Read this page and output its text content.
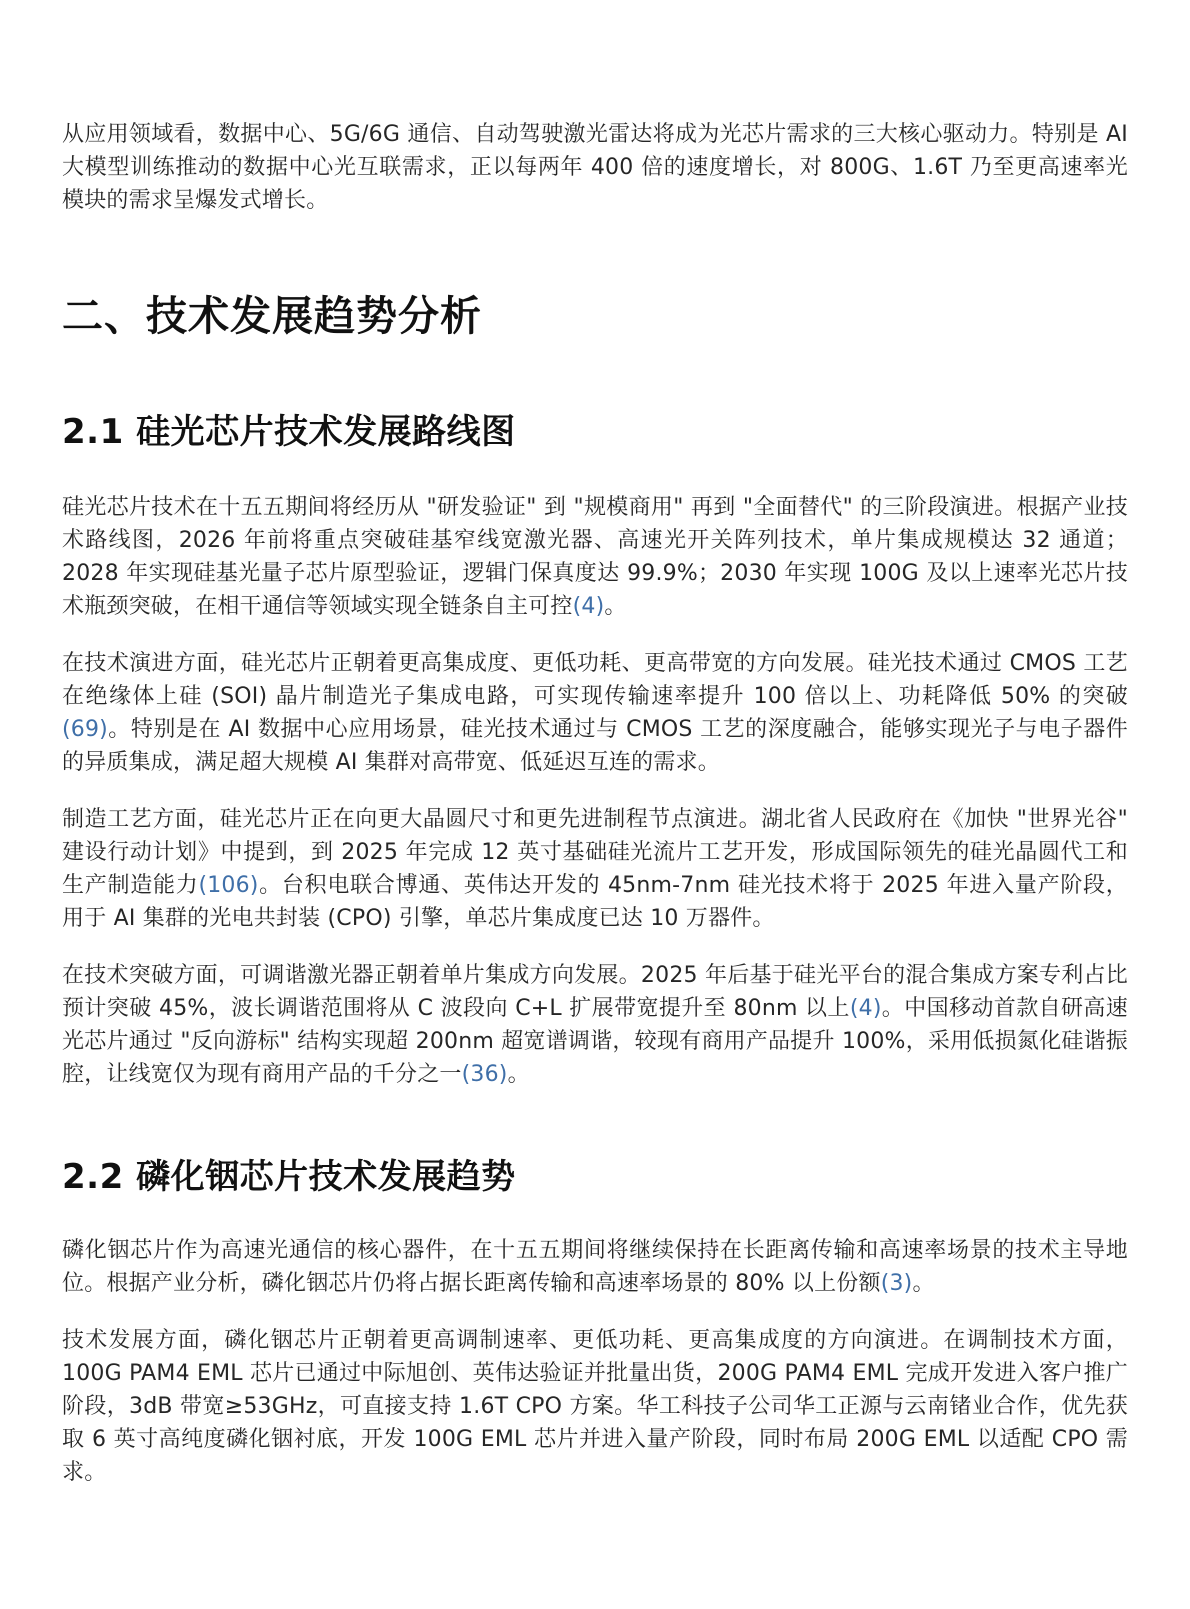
从应用领域看，数据中心、5G/6G 通信、自动驾驶激光雷达将成为光芯片需求的三大核心驱动力。特别是 AI 大模型训练推动的数据中心光互联需求，正以每两年 400 倍的速度增长，对 800G、1.6T 乃至更高速率光模块的需求呈爆发式增长。

二、技术发展趋势分析
2.1 硅光芯片技术发展路线图

硅光芯片技术在十五五期间将经历从 "研发验证" 到 "规模商用" 再到 "全面替代" 的三阶段演进。根据产业技术路线图，2026 年前将重点突破硅基窄线宽激光器、高速光开关阵列技术，单片集成规模达 32 通道；2028 年实现硅基光量子芯片原型验证，逻辑门保真度达 99.9%；2030 年实现 100G 及以上速率光芯片技术瓶颈突破，在相干通信等领域实现全链条自主可控(4)。

在技术演进方面，硅光芯片正朝着更高集成度、更低功耗、更高带宽的方向发展。硅光技术通过 CMOS 工艺在绝缘体上硅 (SOI) 晶片制造光子集成电路，可实现传输速率提升 100 倍以上、功耗降低 50% 的突破(69)。特别是在 AI 数据中心应用场景，硅光技术通过与 CMOS 工艺的深度融合，能够实现光子与电子器件的异质集成，满足超大规模 AI 集群对高带宽、低延迟互连的需求。

制造工艺方面，硅光芯片正在向更大晶圆尺寸和更先进制程节点演进。湖北省人民政府在《加快 "世界光谷" 建设行动计划》中提到，到 2025 年完成 12 英寸基础硅光流片工艺开发，形成国际领先的硅光晶圆代工和生产制造能力(106)。台积电联合博通、英伟达开发的 45nm-7nm 硅光技术将于 2025 年进入量产阶段，用于 AI 集群的光电共封装 (CPO) 引擎，单芯片集成度已达 10 万器件。

在技术突破方面，可调谐激光器正朝着单片集成方向发展。2025 年后基于硅光平台的混合集成方案专利占比预计突破 45%，波长调谐范围将从 C 波段向 C+L 扩展带宽提升至 80nm 以上(4)。中国移动首款自研高速光芯片通过 "反向游标" 结构实现超 200nm 超宽谱调谐，较现有商用产品提升 100%，采用低损氮化硅谐振腔，让线宽仅为现有商用产品的千分之一(36)。

2.2 磷化铟芯片技术发展趋势

磷化铟芯片作为高速光通信的核心器件，在十五五期间将继续保持在长距离传输和高速率场景的技术主导地位。根据产业分析，磷化铟芯片仍将占据长距离传输和高速率场景的 80% 以上份额(3)。

技术发展方面，磷化铟芯片正朝着更高调制速率、更低功耗、更高集成度的方向演进。在调制技术方面，100G PAM4 EML 芯片已通过中际旭创、英伟达验证并批量出货，200G PAM4 EML 完成开发进入客户推广阶段，3dB 带宽≥53GHz，可直接支持 1.6T CPO 方案。华工科技子公司华工正源与云南锗业合作，优先获取 6 英寸高纯度磷化铟衬底，开发 100G EML 芯片并进入量产阶段，同时布局 200G EML 以适配 CPO 需求。
